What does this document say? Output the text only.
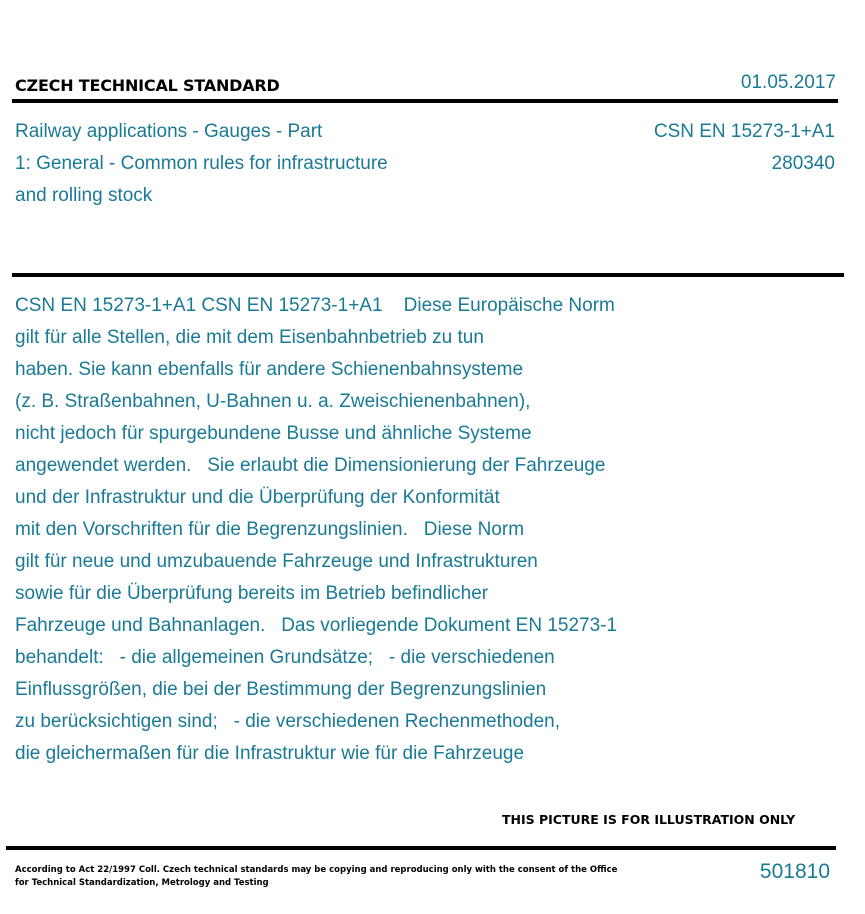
CZECH TECHNICAL STANDARD	01.05.2017
Railway applications - Gauges - Part
1: General - Common rules for infrastructure
and rolling stock
CSN EN 15273-1+A1
280340
CSN EN 15273-1+A1 CSN EN 15273-1+A1    Diese Europäische Norm
gilt für alle Stellen, die mit dem Eisenbahnbetrieb zu tun
haben. Sie kann ebenfalls für andere Schienenbahnsysteme
(z. B. Straßenbahnen, U-Bahnen u. a. Zweischienenbahnen),
nicht jedoch für spurgebundene Busse und ähnliche Systeme
angewendet werden.   Sie erlaubt die Dimensionierung der Fahrzeuge
und der Infrastruktur und die Überprüfung der Konformität
mit den Vorschriften für die Begrenzungslinien.   Diese Norm
gilt für neue und umzubauende Fahrzeuge und Infrastrukturen
sowie für die Überprüfung bereits im Betrieb befindlicher
Fahrzeuge und Bahnanlagen.   Das vorliegende Dokument EN 15273-1
behandelt:   - die allgemeinen Grundsätze;   - die verschiedenen
Einflussgrößen, die bei der Bestimmung der Begrenzungslinien
zu berücksichtigen sind;   - die verschiedenen Rechenmethoden,
die gleichermaßen für die Infrastruktur wie für die Fahrzeuge
THIS PICTURE IS FOR ILLUSTRATION ONLY
According to Act 22/1997 Coll. Czech technical standards may be copying and reproducing only with the consent of the Office
for Technical Standardization, Metrology and Testing	501810
